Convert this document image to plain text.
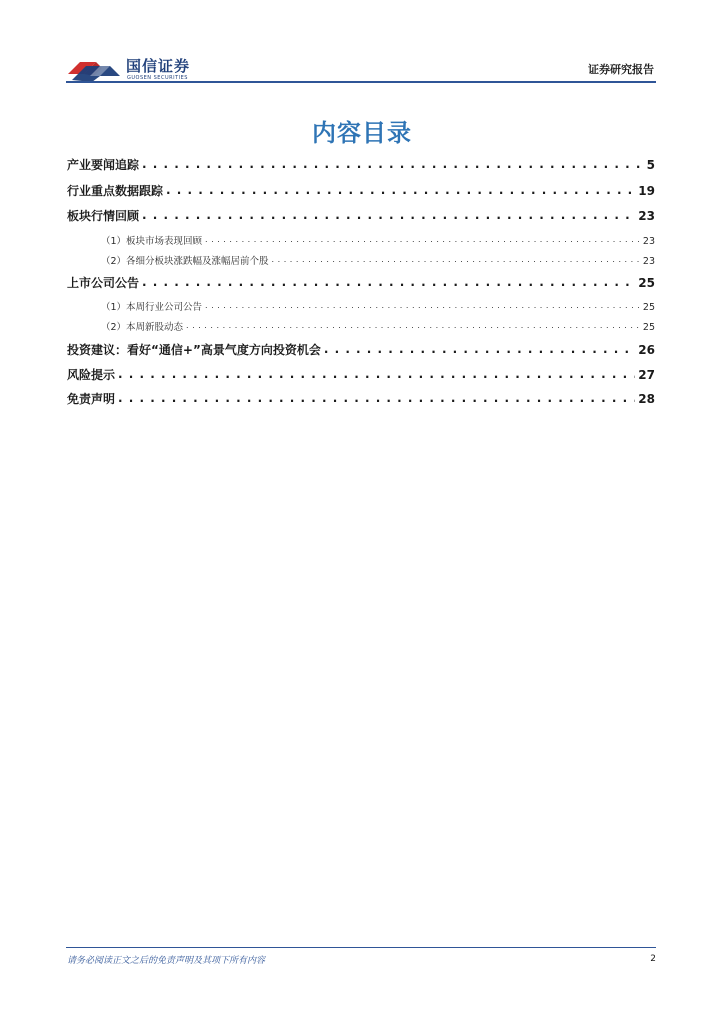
国信证券
GUOSEN SECURITIES
证券研究报告
内容目录
产业要闻追踪 . . .	5
行业重点数据跟踪 . . .	19
板块行情回顾 . . .	23
（1）板块市场表现回顾 . . .	23
（2）各细分板块涨跌幅及涨幅居前个股 . . .	23
上市公司公告 . . .	25
（1）本周行业公司公告 . . .	25
（2）本周新股动态 . . .	25
投资建议：看好“通信+”高景气度方向投资机会 . . .	26
风险提示 . . .	27
免责声明 . . .	28
请务必阅读正文之后的免责声明及其项下所有内容	2
